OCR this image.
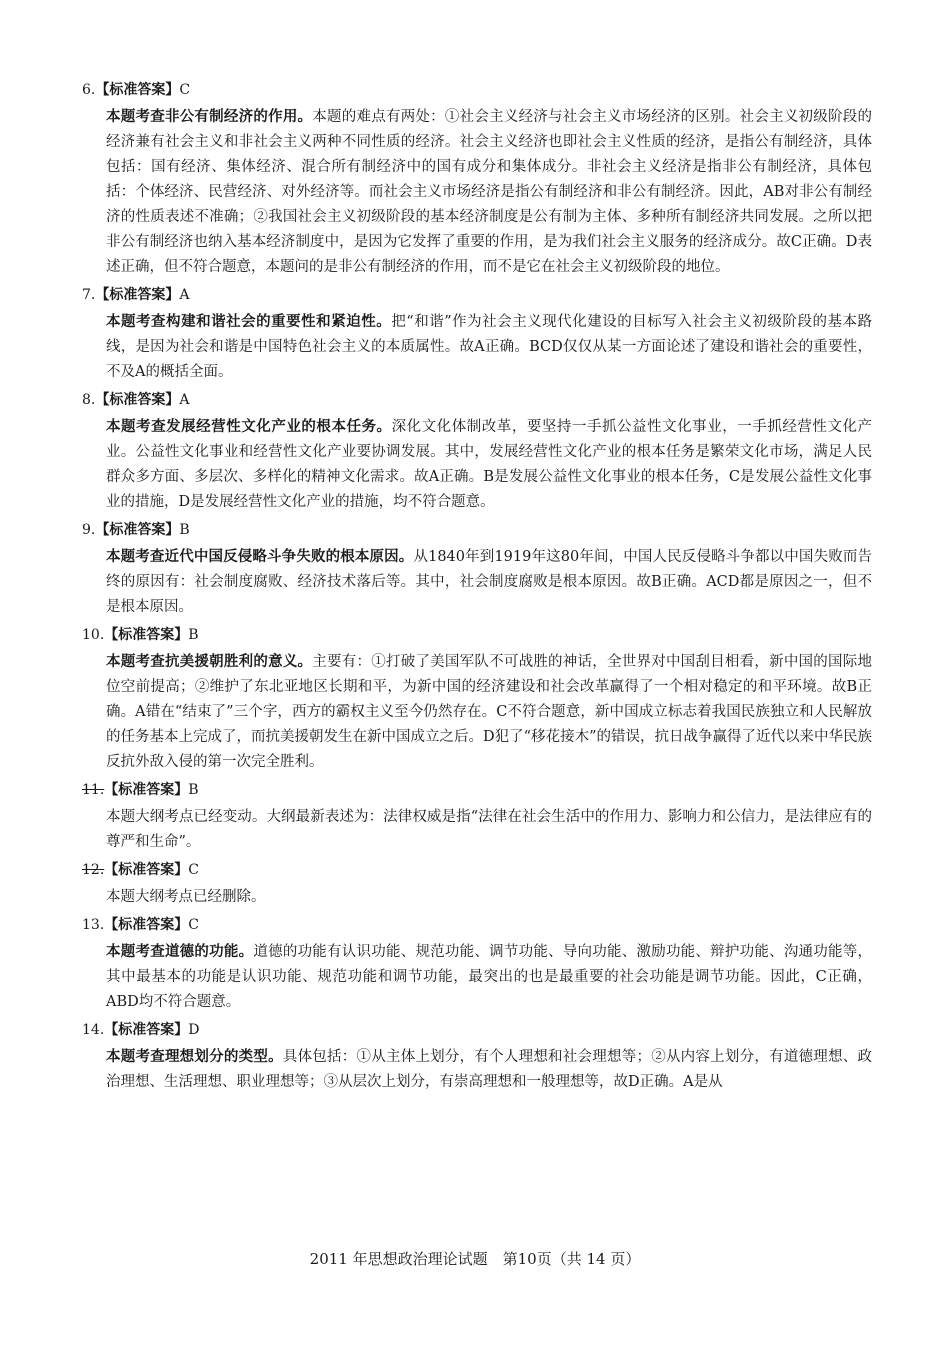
6.【标准答案】C
本题考查非公有制经济的作用。本题的难点有两处：①社会主义经济与社会主义市场经济的区别。社会主义初级阶段的经济兼有社会主义和非社会主义两种不同性质的经济。社会主义经济也即社会主义性质的经济，是指公有制经济，具体包括：国有经济、集体经济、混合所有制经济中的国有成分和集体成分。非社会主义经济是指非公有制经济，具体包括：个体经济、民营经济、对外经济等。而社会主义市场经济是指公有制经济和非公有制经济。因此，AB对非公有制经济的性质表述不准确；②我国社会主义初级阶段的基本经济制度是公有制为主体、多种所有制经济共同发展。之所以把非公有制经济也纳入基本经济制度中，是因为它发挥了重要的作用，是为我们社会主义服务的经济成分。故C正确。D表述正确，但不符合题意，本题问的是非公有制经济的作用，而不是它在社会主义初级阶段的地位。
7.【标准答案】A
本题考查构建和谐社会的重要性和紧迫性。把“和谐”作为社会主义现代化建设的目标写入社会主义初级阶段的基本路线，是因为社会和谐是中国特色社会主义的本质属性。故A正确。BCD仅仅从某一方面论述了建设和谐社会的重要性，不及A的概括全面。
8.【标准答案】A
本题考查发展经营性文化产业的根本任务。深化文化体制改革，要坚持一手抓公益性文化事业，一手抓经营性文化产业。公益性文化事业和经营性文化产业要协调发展。其中，发展经营性文化产业的根本任务是繁荣文化市场，满足人民群众多方面、多层次、多样化的精神文化需求。故A正确。B是发展公益性文化事业的根本任务，C是发展公益性文化事业的措施，D是发展经营性文化产业的措施，均不符合题意。
9.【标准答案】B
本题考查近代中国反侵略斗争失败的根本原因。从1840年到1919年这80年间，中国人民反侵略斗争都以中国失败而告终的原因有：社会制度腐败、经济技术落后等。其中，社会制度腐败是根本原因。故B正确。ACD都是原因之一，但不是根本原因。
10.【标准答案】B
本题考查抗美援朝胜利的意义。主要有：①打破了美国军队不可战胜的神话，全世界对中国刮目相看，新中国的国际地位空前提高；②维护了东北亚地区长期和平，为新中国的经济建设和社会改革赢得了一个相对稳定的和平环境。故B正确。A错在“结束了”三个字，西方的霸权主义至今仍然存在。C不符合题意，新中国成立标志着我国民族独立和人民解放的任务基本上完成了，而抗美援朝发生在新中国成立之后。D犯了“移花接木”的错误，抗日战争赢得了近代以来中华民族反抗外敌入侵的第一次完全胜利。
11.【标准答案】B
本题大纲考点已经变动。大纲最新表述为：法律权威是指“法律在社会生活中的作用力、影响力和公信力，是法律应有的尊严和生命”。
12.【标准答案】C
本题大纲考点已经删除。
13.【标准答案】C
本题考查道德的功能。道德的功能有认识功能、规范功能、调节功能、导向功能、激励功能、辩护功能、沟通功能等，其中最基本的功能是认识功能、规范功能和调节功能，最突出的也是最重要的社会功能是调节功能。因此，C正确，ABD均不符合题意。
14.【标准答案】D
本题考查理想划分的类型。具体包括：①从主体上划分，有个人理想和社会理想等；②从内容上划分，有道德理想、政治理想、生活理想、职业理想等；③从层次上划分，有崇高理想和一般理想等，故D正确。A是从
2011 年思想政治理论试题　第10页（共 14 页）
